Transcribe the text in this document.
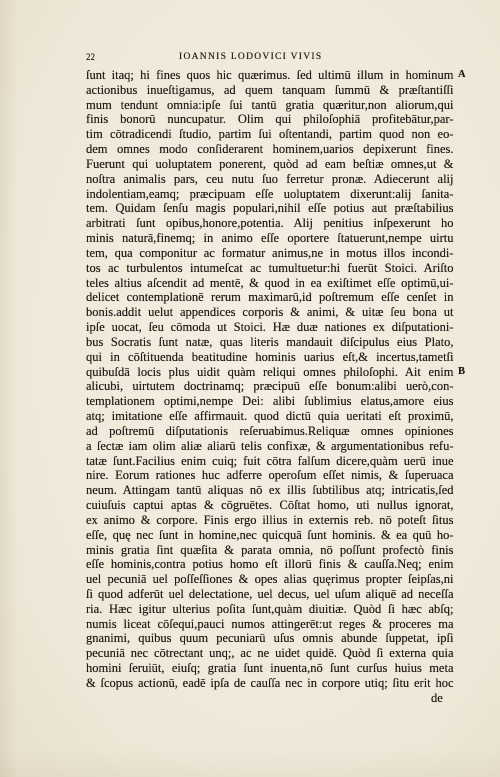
22	IOANNIS LODOVICI VIVIS
A
B
ſunt itaq; hi fines quos hic quærimus. ſed ultimū illum in hominum
actionibus inueſtigamus, ad quem tanquam ſummū & præſtantiſſi
mum tendunt omnia:ipſe ſui tantū gratia quæritur,non aliorum,qui
finis bonorū nuncupatur. Olim qui philoſophiā profitebātur,par-
tim cōtradicendi ſtudio, partim ſui oſtentandi, partim quod non eo-
dem omnes modo conſiderarent hominem,uarios depixerunt fines.
Fuerunt qui uoluptatem ponerent, quòd ad eam beſtiæ omnes,ut &
noſtra animalis pars, ceu nutu ſuo ferretur pronæ. Adiecerunt alij
indolentiam,eamq; præcipuam eſſe uoluptatem dixerunt:alij ſanita-
tem. Quidam ſenſu magis populari,nihil eſſe potius aut præſtabilius
arbitrati ſunt opibus,honore,potentia. Alij penitius inſpexerunt ho
minis naturā,finemq; in animo eſſe oportere ſtatuerunt,nempe uirtu
tem, qua componitur ac formatur animus,ne in motus illos incondi-
tos ac turbulentos intumeſcat ac tumultuetur:hi fuerūt Stoici. Ariſto
teles altius aſcendit ad mentē, & quod in ea exiſtimet eſſe optimū,ui-
delicet contemplationē rerum maximarū,id poſtremum eſſe cenſet in
bonis.addit uelut appendices corporis & animi, & uitæ ſeu bona ut
ipſe uocat, ſeu cōmoda ut Stoici. Hæ duæ nationes ex diſputationi-
bus Socratis ſunt natæ, quas literis mandauit diſcipulus eius Plato,
qui in cōſtituenda beatitudine hominis uarius eſt,& incertus,tametſi
quibuſdā locis plus uidit quàm reliqui omnes philoſophi. Ait enim
alicubi, uirtutem doctrinamq; præcipuū eſſe bonum:alibi uerò,con-
templationem optimi,nempe Dei: alibi ſublimius elatus,amore eius
atq; imitatione eſſe affirmauit. quod dictū quia ueritati eſt proximū,
ad poſtremū diſputationis reſeruabimus.Reliquæ omnes opiniones
a ſectæ iam olim aliæ aliarū telis confixæ, & argumentationibus refu-
tatæ ſunt.Facilius enim cuiq; fuit cōtra falſum dicere,quàm uerū inue
nire. Eorum rationes huc adferre operoſum eſſet nimis, & ſuperuaca
neum. Attingam tantū aliquas nō ex illis ſubtilibus atq; intricatis,ſed
cuiuſuis captui aptas & cōgruētes. Cōſtat homo, uti nullus ignorat,
ex animo & corpore. Finis ergo illius in externis reb. nō poteſt ſitus
eſſe, quę nec ſunt in homine,nec quicquā ſunt hominis. & ea quū ho-
minis gratia ſint quæſita & parata omnia, nō poſſunt profectò finis
eſſe hominis,contra potius homo eſt illorū finis & cauſſa.Neq; enim
uel pecuniā uel poſſeſſiones & opes alias quęrimus propter ſeipſas,ni
ſi quod adferūt uel delectatione, uel decus, uel uſum aliquē ad neceſſa
ria. Hæc igitur ulterius poſita ſunt,quàm diuitiæ. Quòd ſi hæc abſq;
numis liceat cōſequi,pauci numos attingerēt:ut reges & proceres ma
gnanimi, quibus quum pecuniarū uſus omnis abunde ſuppetat, ipſi
pecuniā nec cōtrectant unq;, ac ne uidet quidē. Quòd ſi externa quia
homini ſeruiūt, eiuſq; gratia ſunt inuenta,nō ſunt curſus huius meta
& ſcopus actionū, eadē ipſa de cauſſa nec in corpore utiq; ſitu erit hoc
de
